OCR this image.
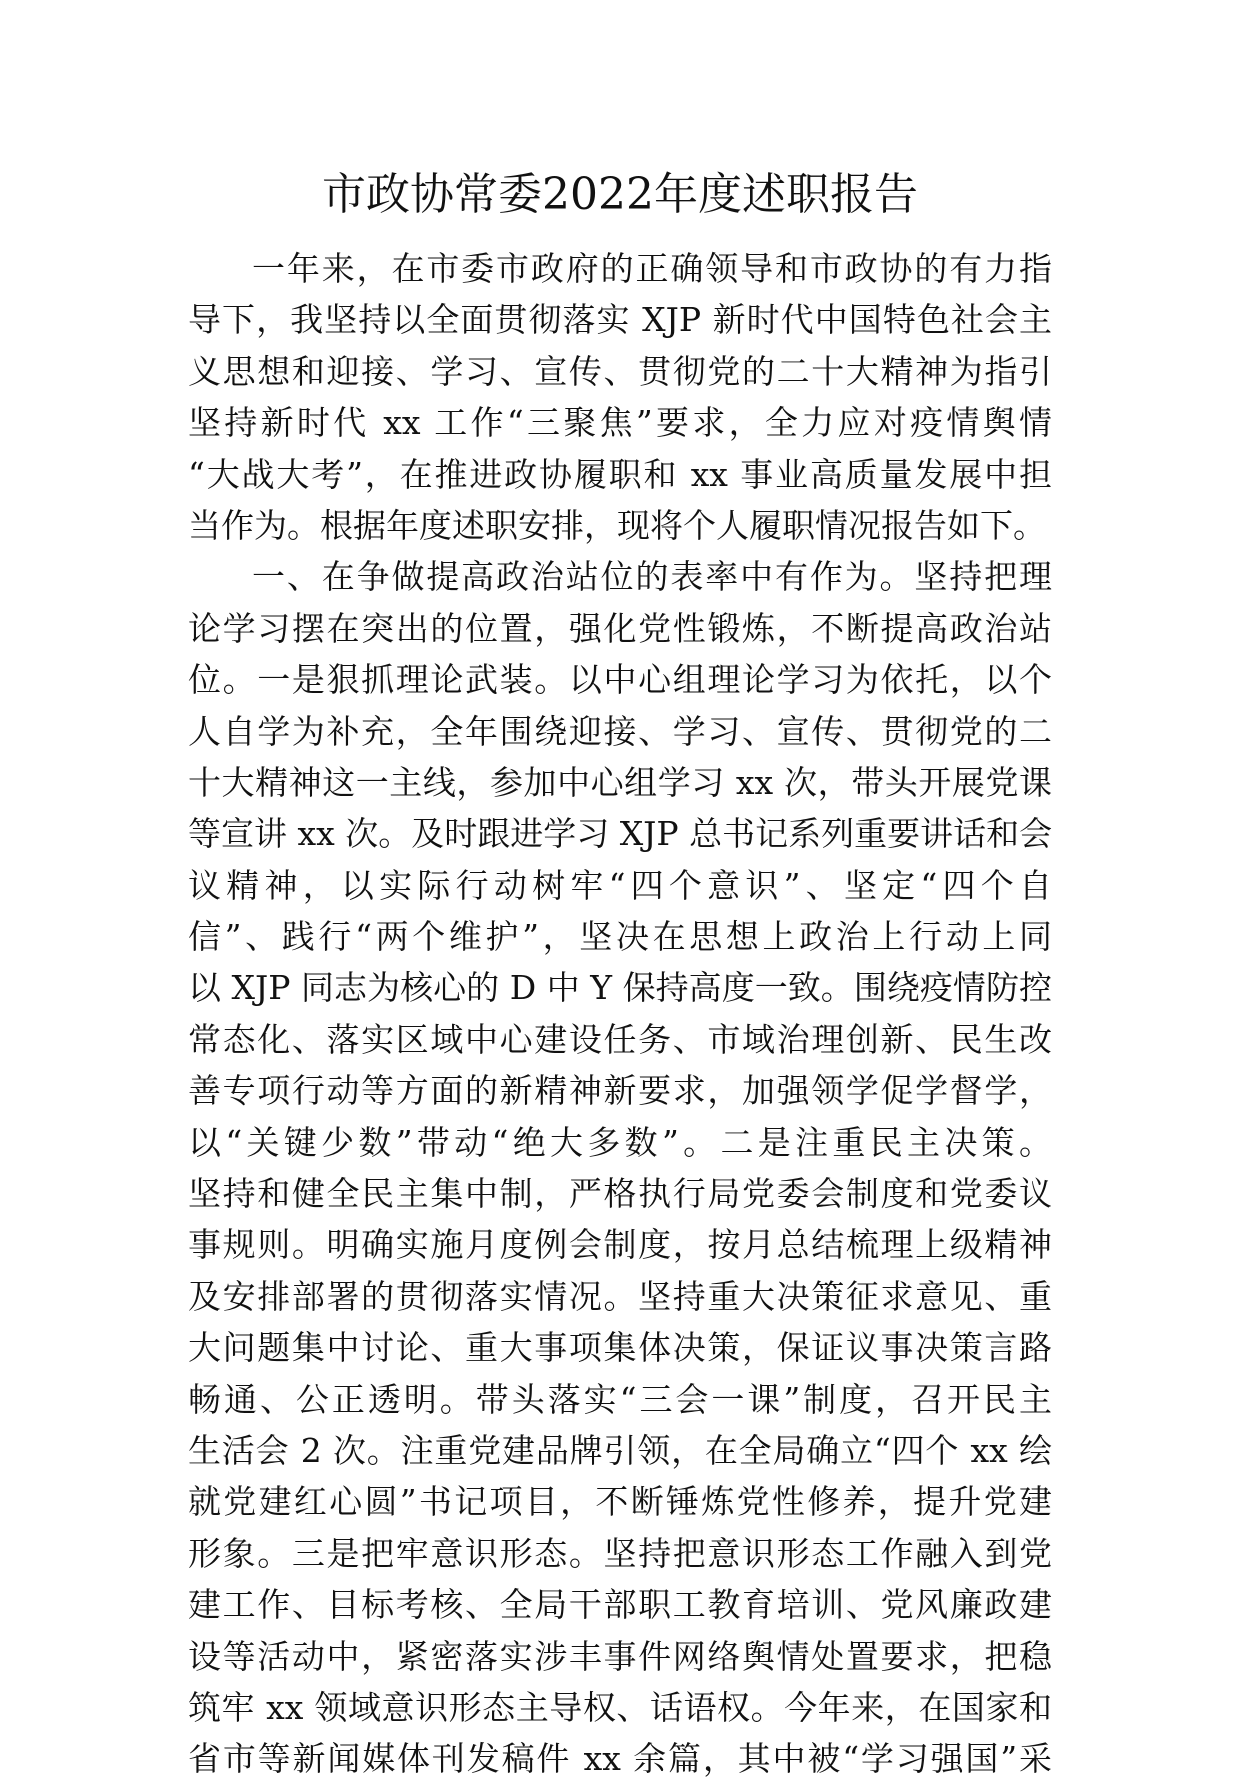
市政协常委2022年度述职报告
一年来，在市委市政府的正确领导和市政协的有力指
导下，我坚持以全面贯彻落实 XJP 新时代中国特色社会主
义思想和迎接、学习、宣传、贯彻党的二十大精神为指引
坚持新时代 xx 工作“三聚焦”要求，全力应对疫情舆情
“大战大考”，在推进政协履职和 xx 事业高质量发展中担
当作为。根据年度述职安排，现将个人履职情况报告如下。
一、在争做提高政治站位的表率中有作为。坚持把理
论学习摆在突出的位置，强化党性锻炼，不断提高政治站
位。一是狠抓理论武装。以中心组理论学习为依托，以个
人自学为补充，全年围绕迎接、学习、宣传、贯彻党的二
十大精神这一主线，参加中心组学习 xx 次，带头开展党课
等宣讲 xx 次。及时跟进学习 XJP 总书记系列重要讲话和会
议精神，以实际行动树牢“四个意识”、坚定“四个自
信”、践行“两个维护”，坚决在思想上政治上行动上同
以 XJP 同志为核心的 D 中 Y 保持高度一致。围绕疫情防控
常态化、落实区域中心建设任务、市域治理创新、民生改
善专项行动等方面的新精神新要求，加强领学促学督学，
以“关键少数”带动“绝大多数”。二是注重民主决策。
坚持和健全民主集中制，严格执行局党委会制度和党委议
事规则。明确实施月度例会制度，按月总结梳理上级精神
及安排部署的贯彻落实情况。坚持重大决策征求意见、重
大问题集中讨论、重大事项集体决策，保证议事决策言路
畅通、公正透明。带头落实“三会一课”制度，召开民主
生活会 2 次。注重党建品牌引领，在全局确立“四个 xx 绘
就党建红心圆”书记项目，不断锤炼党性修养，提升党建
形象。三是把牢意识形态。坚持把意识形态工作融入到党
建工作、目标考核、全局干部职工教育培训、党风廉政建
设等活动中，紧密落实涉丰事件网络舆情处置要求，把稳
筑牢 xx 领域意识形态主导权、话语权。今年来，在国家和
省市等新闻媒体刊发稿件 xx 余篇，其中被“学习强国”采
